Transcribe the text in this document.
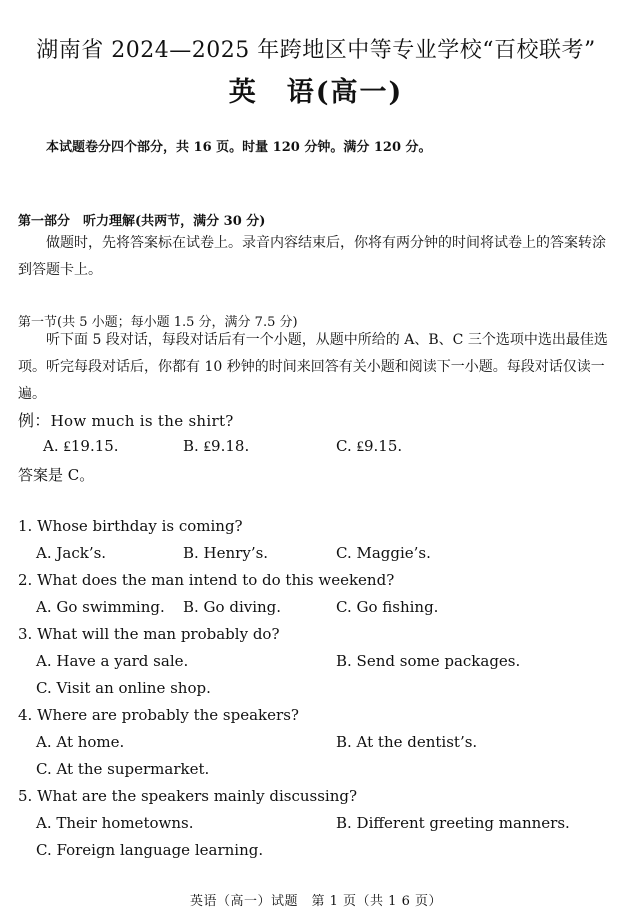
湖南省 2024—2025 年跨地区中等专业学校“百校联考”
英　语(高一)
本试题卷分四个部分，共 16 页。时量 120 分钟。满分 120 分。
第一部分　听力理解(共两节，满分 30 分)
做题时，先将答案标在试卷上。录音内容结束后，你将有两分钟的时间将试卷上的答案转涂到答题卡上。
第一节(共 5 小题；每小题 1.5 分，满分 7.5 分)
听下面 5 段对话，每段对话后有一个小题，从题中所给的 A、B、C 三个选项中选出最佳选项。听完每段对话后，你都有 10 秒钟的时间来回答有关小题和阅读下一小题。每段对话仅读一遍。
例：How much is the shirt?
A. ₤19.15.	B. ₤9.18.	C. ₤9.15.
答案是 C。
1. Whose birthday is coming?
A. Jack’s.	B. Henry’s.	C. Maggie’s.
2. What does the man intend to do this weekend?
A. Go swimming. B. Go diving.	C. Go fishing.
3. What will the man probably do?
A. Have a yard sale.	B. Send some packages.
C. Visit an online shop.
4. Where are probably the speakers?
A. At home.	B. At the dentist’s.
C. At the supermarket.
5. What are the speakers mainly discussing?
A. Their hometowns.	B. Different greeting manners.
C. Foreign language learning.
英语（高一）试题　第 1 页（共 1 6 页）
